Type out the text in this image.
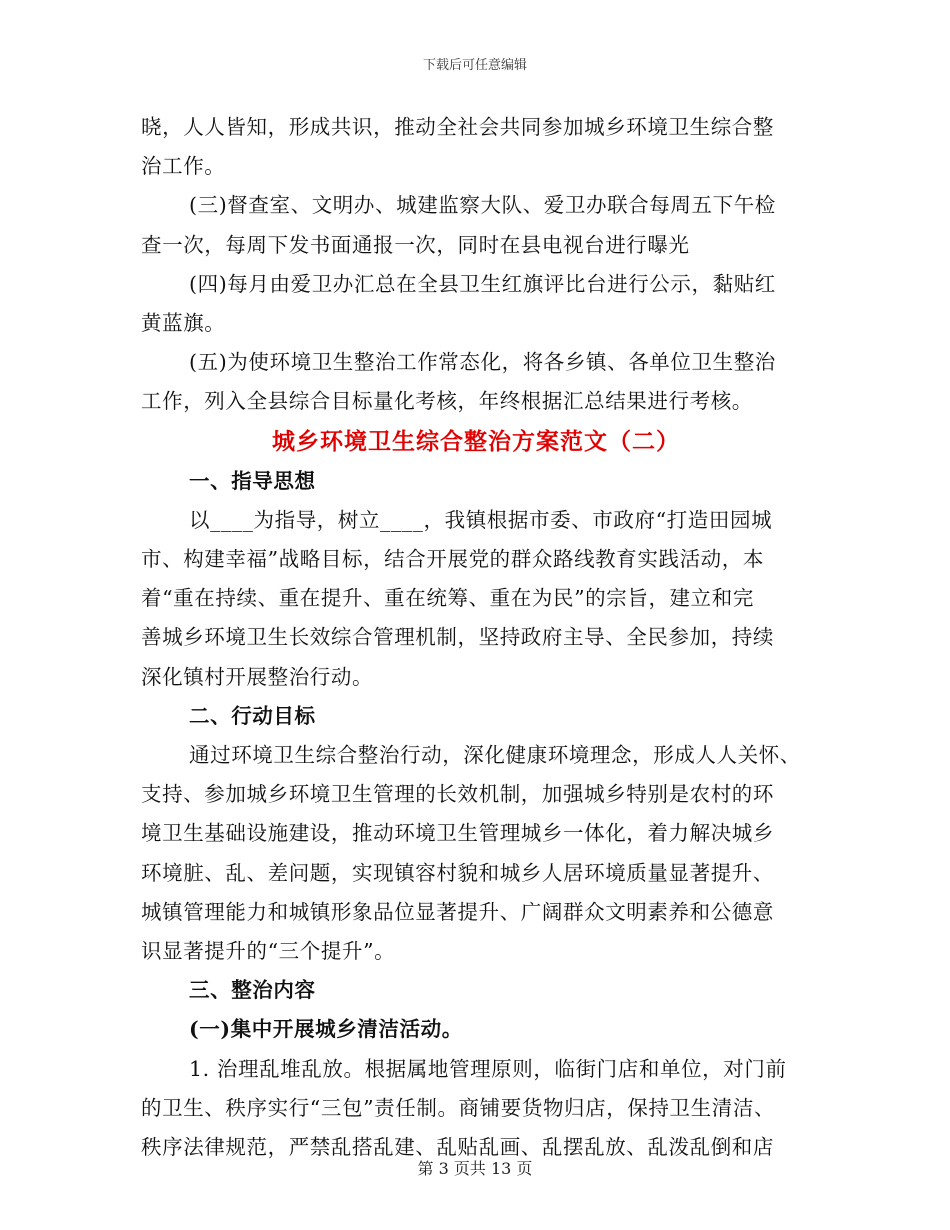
下载后可任意编辑

晓，人人皆知，形成共识，推动全社会共同参加城乡环境卫生综合整

治工作。

(三)督查室、文明办、城建监察大队、爱卫办联合每周五下午检

查一次，每周下发书面通报一次，同时在县电视台进行曝光

(四)每月由爱卫办汇总在全县卫生红旗评比台进行公示，黏贴红

黄蓝旗。

(五)为使环境卫生整治工作常态化，将各乡镇、各单位卫生整治

工作，列入全县综合目标量化考核，年终根据汇总结果进行考核。

城乡环境卫生综合整治方案范文（二）

一、指导思想

以____为指导，树立____，我镇根据市委、市政府“打造田园城

市、构建幸福”战略目标，结合开展党的群众路线教育实践活动，本

着“重在持续、重在提升、重在统筹、重在为民”的宗旨，建立和完

善城乡环境卫生长效综合管理机制，坚持政府主导、全民参加，持续

深化镇村开展整治行动。

二、行动目标

通过环境卫生综合整治行动，深化健康环境理念，形成人人关怀、

支持、参加城乡环境卫生管理的长效机制，加强城乡特别是农村的环

境卫生基础设施建设，推动环境卫生管理城乡一体化，着力解决城乡

环境脏、乱、差问题，实现镇容村貌和城乡人居环境质量显著提升、

城镇管理能力和城镇形象品位显著提升、广阔群众文明素养和公德意

识显著提升的“三个提升”。

三、整治内容

(一)集中开展城乡清洁活动。

1. 治理乱堆乱放。根据属地管理原则，临街门店和单位，对门前

的卫生、秩序实行“三包”责任制。商铺要货物归店，保持卫生清洁、

秩序法律规范，严禁乱搭乱建、乱贴乱画、乱摆乱放、乱泼乱倒和店

第 3 页共 13 页
